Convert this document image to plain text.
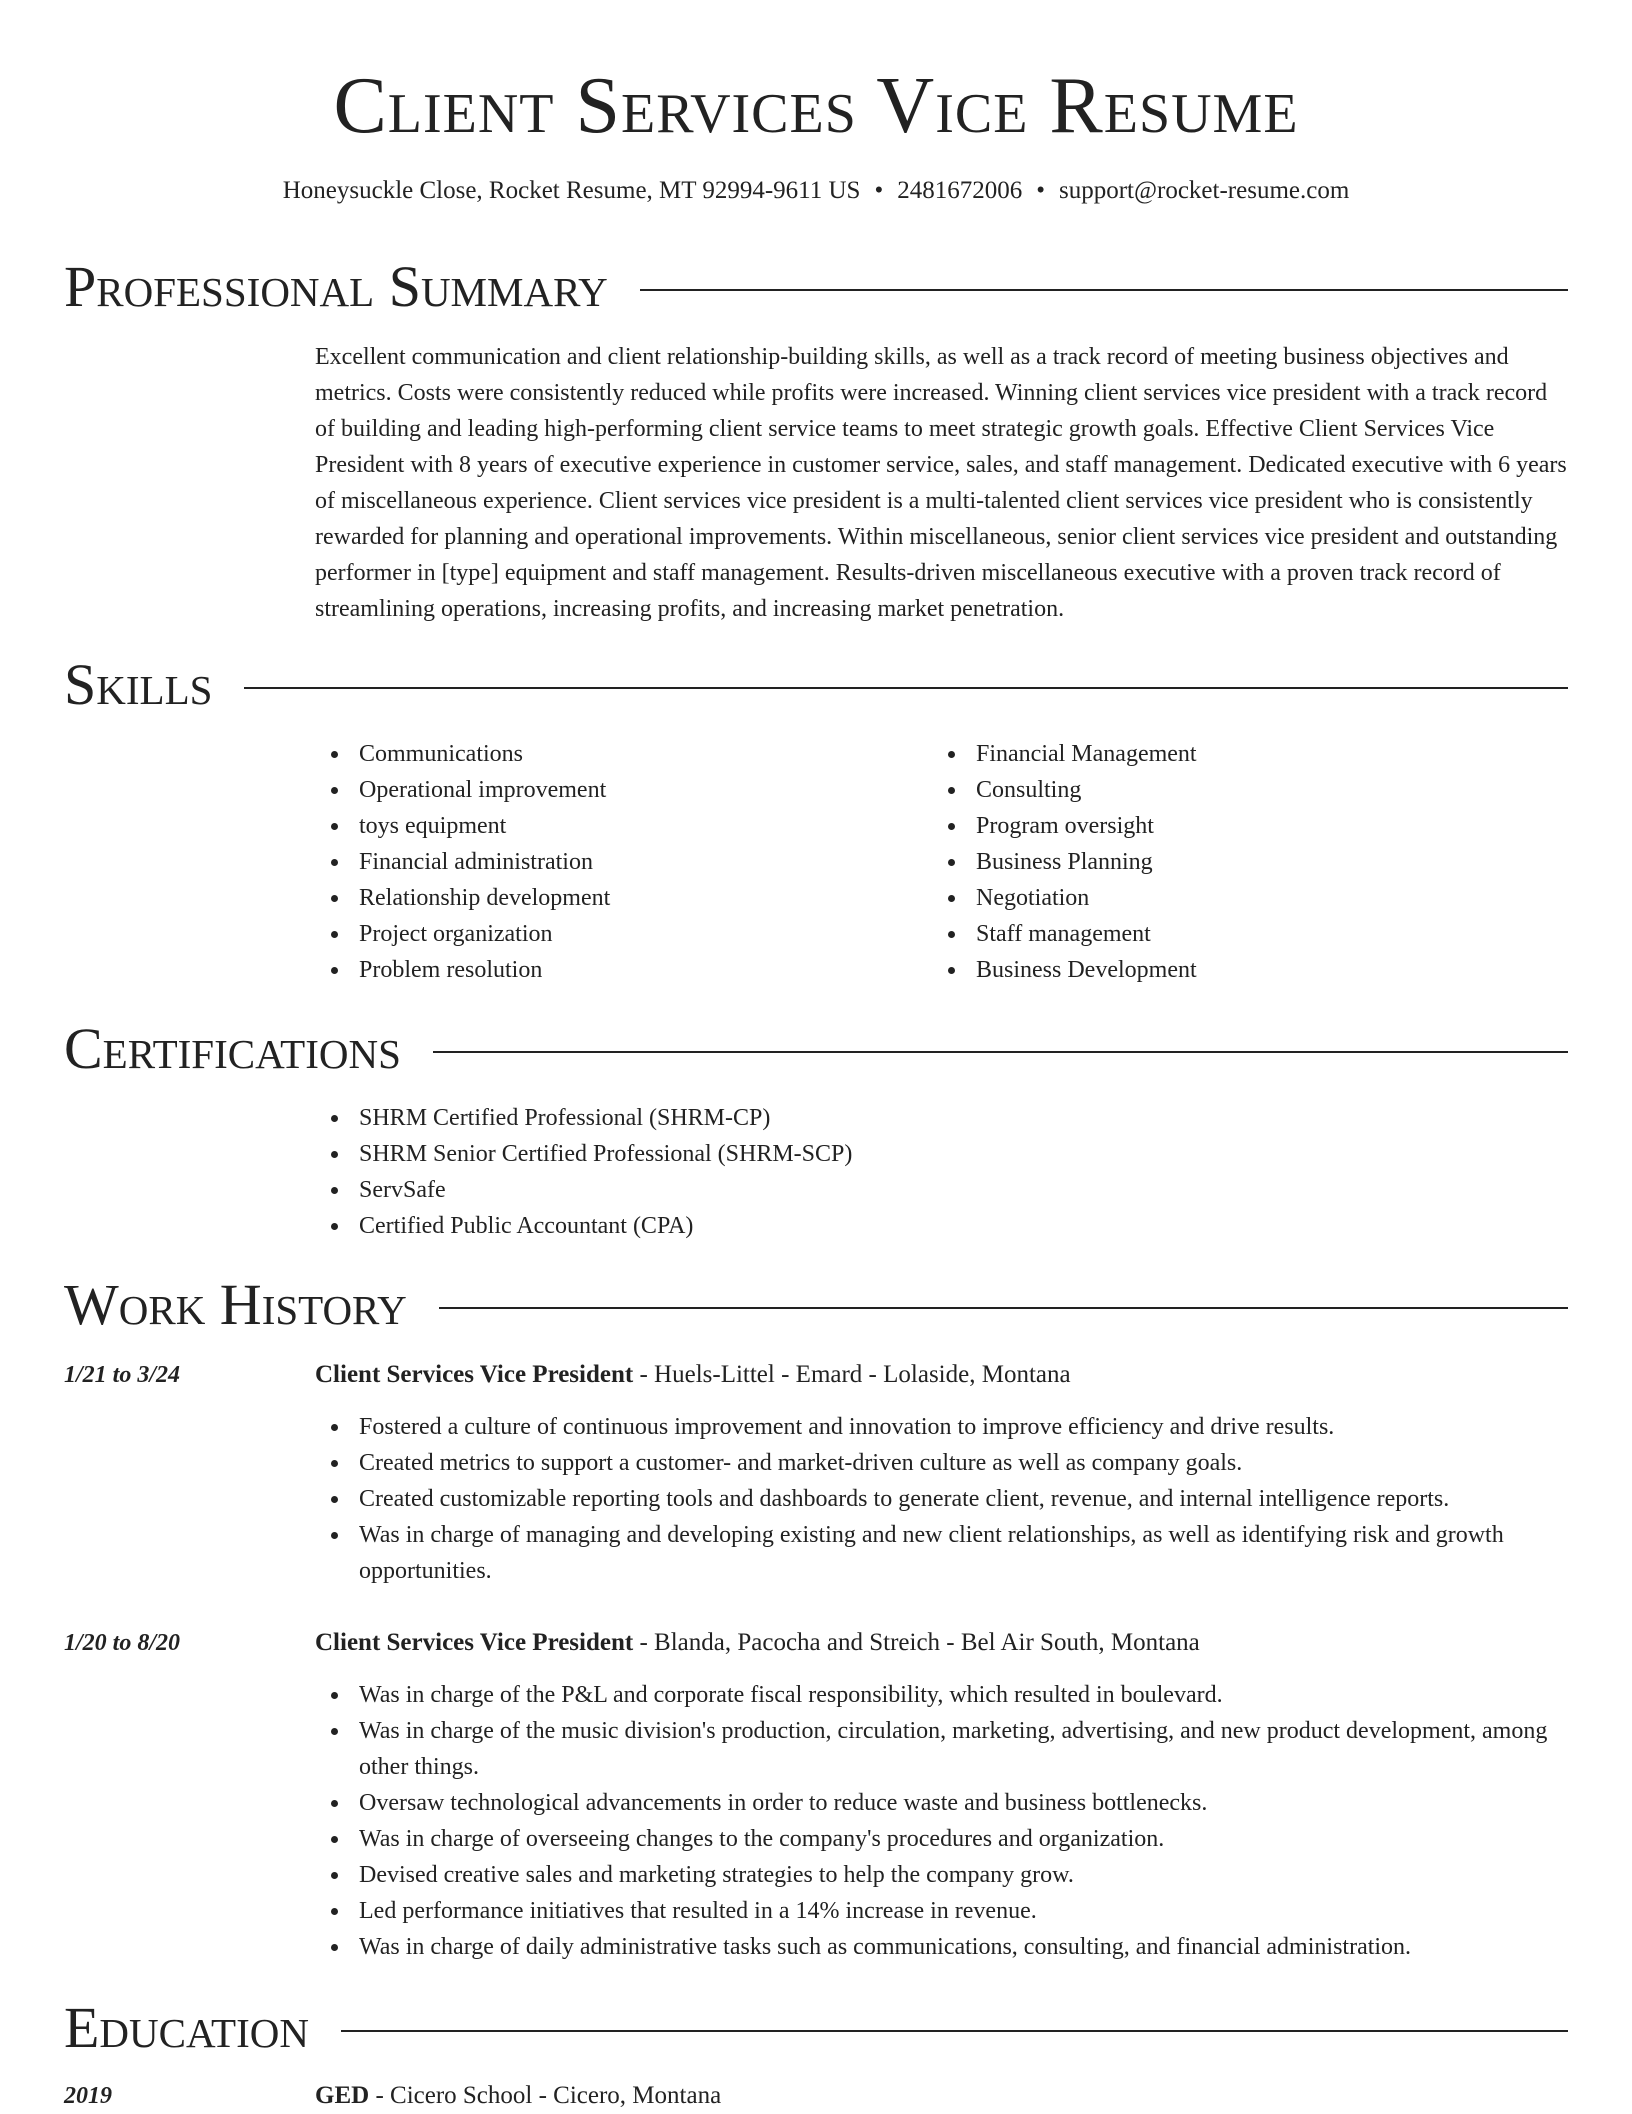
Client Services Vice Resume
Honeysuckle Close, Rocket Resume, MT 92994-9611 US • 2481672006 • support@rocket-resume.com
Professional Summary

Excellent communication and client relationship-building skills, as well as a track record of meeting business objectives and metrics. Costs were consistently reduced while profits were increased. Winning client services vice president with a track record of building and leading high-performing client service teams to meet strategic growth goals. Effective Client Services Vice President with 8 years of executive experience in customer service, sales, and staff management. Dedicated executive with 6 years of miscellaneous experience. Client services vice president is a multi-talented client services vice president who is consistently rewarded for planning and operational improvements. Within miscellaneous, senior client services vice president and outstanding performer in [type] equipment and staff management. Results-driven miscellaneous executive with a proven track record of streamlining operations, increasing profits, and increasing market penetration.

Skills
Communications
Operational improvement
toys equipment
Financial administration
Relationship development
Project organization
Problem resolution
Financial Management
Consulting
Program oversight
Business Planning
Negotiation
Staff management
Business Development
Certifications
SHRM Certified Professional (SHRM-CP)
SHRM Senior Certified Professional (SHRM-SCP)
ServSafe
Certified Public Accountant (CPA)
Work History
1/21 to 3/24	Client Services Vice President - Huels-Littel - Emard - Lolaside, Montana
Fostered a culture of continuous improvement and innovation to improve efficiency and drive results.
Created metrics to support a customer- and market-driven culture as well as company goals.
Created customizable reporting tools and dashboards to generate client, revenue, and internal intelligence reports.
Was in charge of managing and developing existing and new client relationships, as well as identifying risk and growth opportunities.
1/20 to 8/20	Client Services Vice President - Blanda, Pacocha and Streich - Bel Air South, Montana
Was in charge of the P&L and corporate fiscal responsibility, which resulted in boulevard.
Was in charge of the music division's production, circulation, marketing, advertising, and new product development, among other things.
Oversaw technological advancements in order to reduce waste and business bottlenecks.
Was in charge of overseeing changes to the company's procedures and organization.
Devised creative sales and marketing strategies to help the company grow.
Led performance initiatives that resulted in a 14% increase in revenue.
Was in charge of daily administrative tasks such as communications, consulting, and financial administration.
Education
2019	GED - Cicero School - Cicero, Montana
